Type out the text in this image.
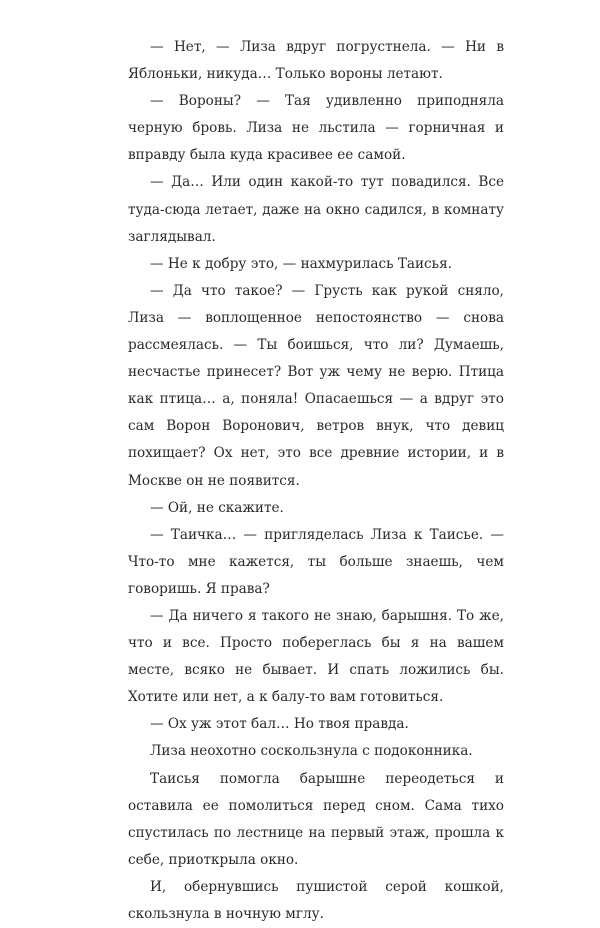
— Нет, — Лиза вдруг погрустнела. — Ни в Яблоньки, никуда… Только вороны летают.

— Вороны? — Тая удивленно приподняла черную бровь. Лиза не льстила — горничная и вправду была куда красивее ее самой.

— Да… Или один какой-то тут повадился. Все туда-сюда летает, даже на окно садился, в комнату заглядывал.

— Не к добру это, — нахмурилась Таисья.

— Да что такое? — Грусть как рукой сняло, Лиза — воплощенное непостоянство — снова рассмеялась. — Ты боишься, что ли? Думаешь, несчастье принесет? Вот уж чему не верю. Птица как птица… а, поняла! Опасаешься — а вдруг это сам Ворон Воронович, ветров внук, что девиц похищает? Ох нет, это все древние истории, и в Москве он не появится.

— Ой, не скажите.

— Таичка… — пригляделась Лиза к Таисье. — Что-то мне кажется, ты больше знаешь, чем говоришь. Я права?

— Да ничего я такого не знаю, барышня. То же, что и все. Просто побереглась бы я на вашем месте, всяко не бывает. И спать ложились бы. Хотите или нет, а к балу-то вам готовиться.

— Ох уж этот бал… Но твоя правда.

Лиза неохотно соскользнула с подоконника.

Таисья помогла барышне переодеться и оставила ее помолиться перед сном. Сама тихо спустилась по лестнице на первый этаж, прошла к себе, приоткрыла окно.

И, обернувшись пушистой серой кошкой, скользнула в ночную мглу.
